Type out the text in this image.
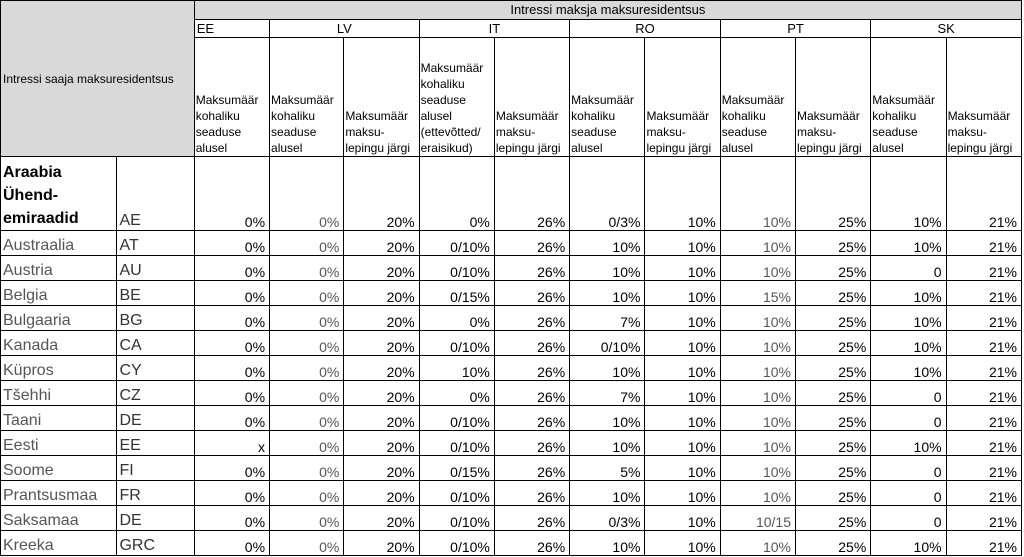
Intressi saaja maksuresidentsus		Intressi maksja maksuresidentsus										
		EE	LV		IT		RO		PT		SK	
		Maksumäär kohaliku seaduse alusel	Maksumäär kohaliku seaduse alusel	Maksumäär maksu-lepingu järgi	Maksumäär kohaliku seaduse alusel (ettevõtted/ eraisikud)	Maksumäär maksu-lepingu järgi	Maksumäär kohaliku seaduse alusel	Maksumäär maksu-lepingu järgi	Maksumäär kohaliku seaduse alusel	Maksumäär maksu-lepingu järgi	Maksumäär kohaliku seaduse alusel	Maksumäär maksu-lepingu järgi
Araabia Ühend-emiraadid	AE	0%	0%	20%	0%	26%	0/3%	10%	10%	25%	10%	21%
Austraalia	AT	0%	0%	20%	0/10%	26%	10%	10%	10%	25%	10%	21%
Austria	AU	0%	0%	20%	0/10%	26%	10%	10%	10%	25%	0	21%
Belgia	BE	0%	0%	20%	0/15%	26%	10%	10%	15%	25%	10%	21%
Bulgaaria	BG	0%	0%	20%	0%	26%	7%	10%	10%	25%	10%	21%
Kanada	CA	0%	0%	20%	0/10%	26%	0/10%	10%	10%	25%	10%	21%
Küpros	CY	0%	0%	20%	10%	26%	10%	10%	10%	25%	10%	21%
Tšehhi	CZ	0%	0%	20%	0%	26%	7%	10%	10%	25%	0	21%
Taani	DE	0%	0%	20%	0/10%	26%	10%	10%	10%	25%	0	21%
Eesti	EE	x	0%	20%	0/10%	26%	10%	10%	10%	25%	10%	21%
Soome	FI	0%	0%	20%	0/15%	26%	5%	10%	10%	25%	0	21%
Prantsusmaa	FR	0%	0%	20%	0/10%	26%	10%	10%	10%	25%	0	21%
Saksamaa	DE	0%	0%	20%	0/10%	26%	0/3%	10%	10/15	25%	0	21%
Kreeka	GRC	0%	0%	20%	0/10%	26%	10%	10%	10%	25%	10%	21%
